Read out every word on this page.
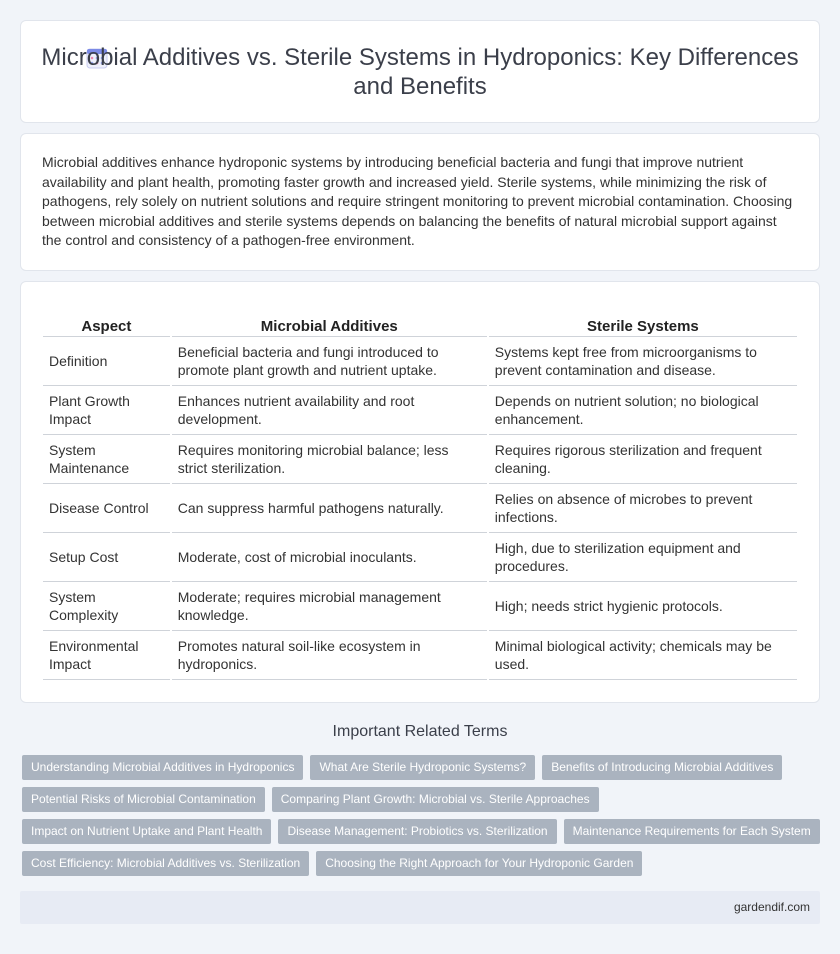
Microbial Additives vs. Sterile Systems in Hydroponics: Key Differences and Benefits

Microbial additives enhance hydroponic systems by introducing beneficial bacteria and fungi that improve nutrient availability and plant health, promoting faster growth and increased yield. Sterile systems, while minimizing the risk of pathogens, rely solely on nutrient solutions and require stringent monitoring to prevent microbial contamination. Choosing between microbial additives and sterile systems depends on balancing the benefits of natural microbial support against the control and consistency of a pathogen-free environment.

Aspect	Microbial Additives	Sterile Systems
Definition	Beneficial bacteria and fungi introduced to promote plant growth and nutrient uptake.	Systems kept free from microorganisms to prevent contamination and disease.
Plant Growth Impact	Enhances nutrient availability and root development.	Depends on nutrient solution; no biological enhancement.
System Maintenance	Requires monitoring microbial balance; less strict sterilization.	Requires rigorous sterilization and frequent cleaning.
Disease Control	Can suppress harmful pathogens naturally.	Relies on absence of microbes to prevent infections.
Setup Cost	Moderate, cost of microbial inoculants.	High, due to sterilization equipment and procedures.
System Complexity	Moderate; requires microbial management knowledge.	High; needs strict hygienic protocols.
Environmental Impact	Promotes natural soil-like ecosystem in hydroponics.	Minimal biological activity; chemicals may be used.
Important Related Terms
Understanding Microbial Additives in Hydroponics	What Are Sterile Hydroponic Systems?	Benefits of Introducing Microbial Additives
Potential Risks of Microbial Contamination	Comparing Plant Growth: Microbial vs. Sterile Approaches
Impact on Nutrient Uptake and Plant Health	Disease Management: Probiotics vs. Sterilization	Maintenance Requirements for Each System
Cost Efficiency: Microbial Additives vs. Sterilization	Choosing the Right Approach for Your Hydroponic Garden
gardendif.com
